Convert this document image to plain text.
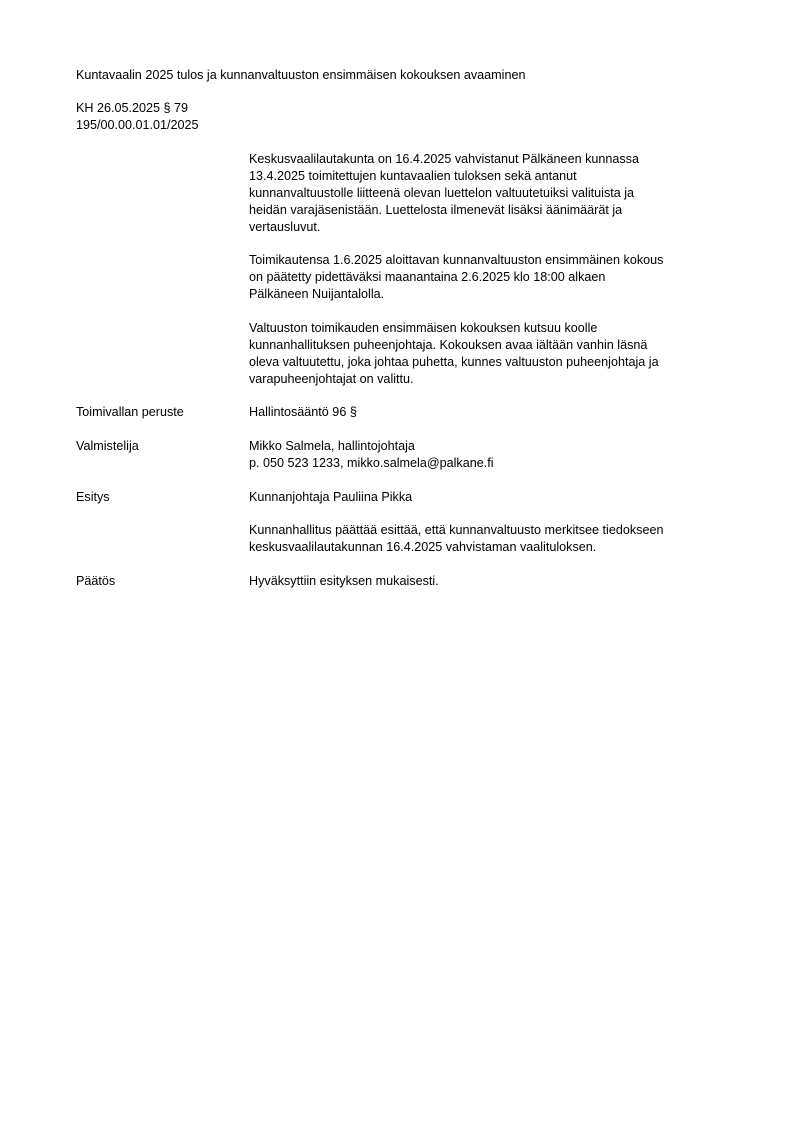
Kuntavaalin 2025 tulos ja kunnanvaltuuston ensimmäisen kokouksen avaaminen
KH 26.05.2025 § 79
195/00.00.01.01/2025
Keskusvaalilautakunta on 16.4.2025 vahvistanut Pälkäneen kunnassa
13.4.2025 toimitettujen kuntavaalien tuloksen sekä antanut
kunnanvaltuustolle liitteenä olevan luettelon valtuutetuiksi valituista ja
heidän varajäsenistään. Luettelosta ilmenevät lisäksi äänimäärät ja
vertausluvut.
Toimikautensa 1.6.2025 aloittavan kunnanvaltuuston ensimmäinen kokous
on päätetty pidettäväksi maanantaina 2.6.2025 klo 18:00 alkaen
Pälkäneen Nuijantalolla.
Valtuuston toimikauden ensimmäisen kokouksen kutsuu koolle
kunnanhallituksen puheenjohtaja. Kokouksen avaa iältään vanhin läsnä
oleva valtuutettu, joka johtaa puhetta, kunnes valtuuston puheenjohtaja ja
varapuheenjohtajat on valittu.
Toimivallan peruste	Hallintosääntö 96 §
Valmistelija	Mikko Salmela, hallintojohtaja
p. 050 523 1233, mikko.salmela@palkane.fi
Esitys	Kunnanjohtaja Pauliina Pikka
Kunnanhallitus päättää esittää, että kunnanvaltuusto merkitsee tiedokseen
keskusvaalilautakunnan 16.4.2025 vahvistaman vaalituloksen.
Päätös	Hyväksyttiin esityksen mukaisesti.
